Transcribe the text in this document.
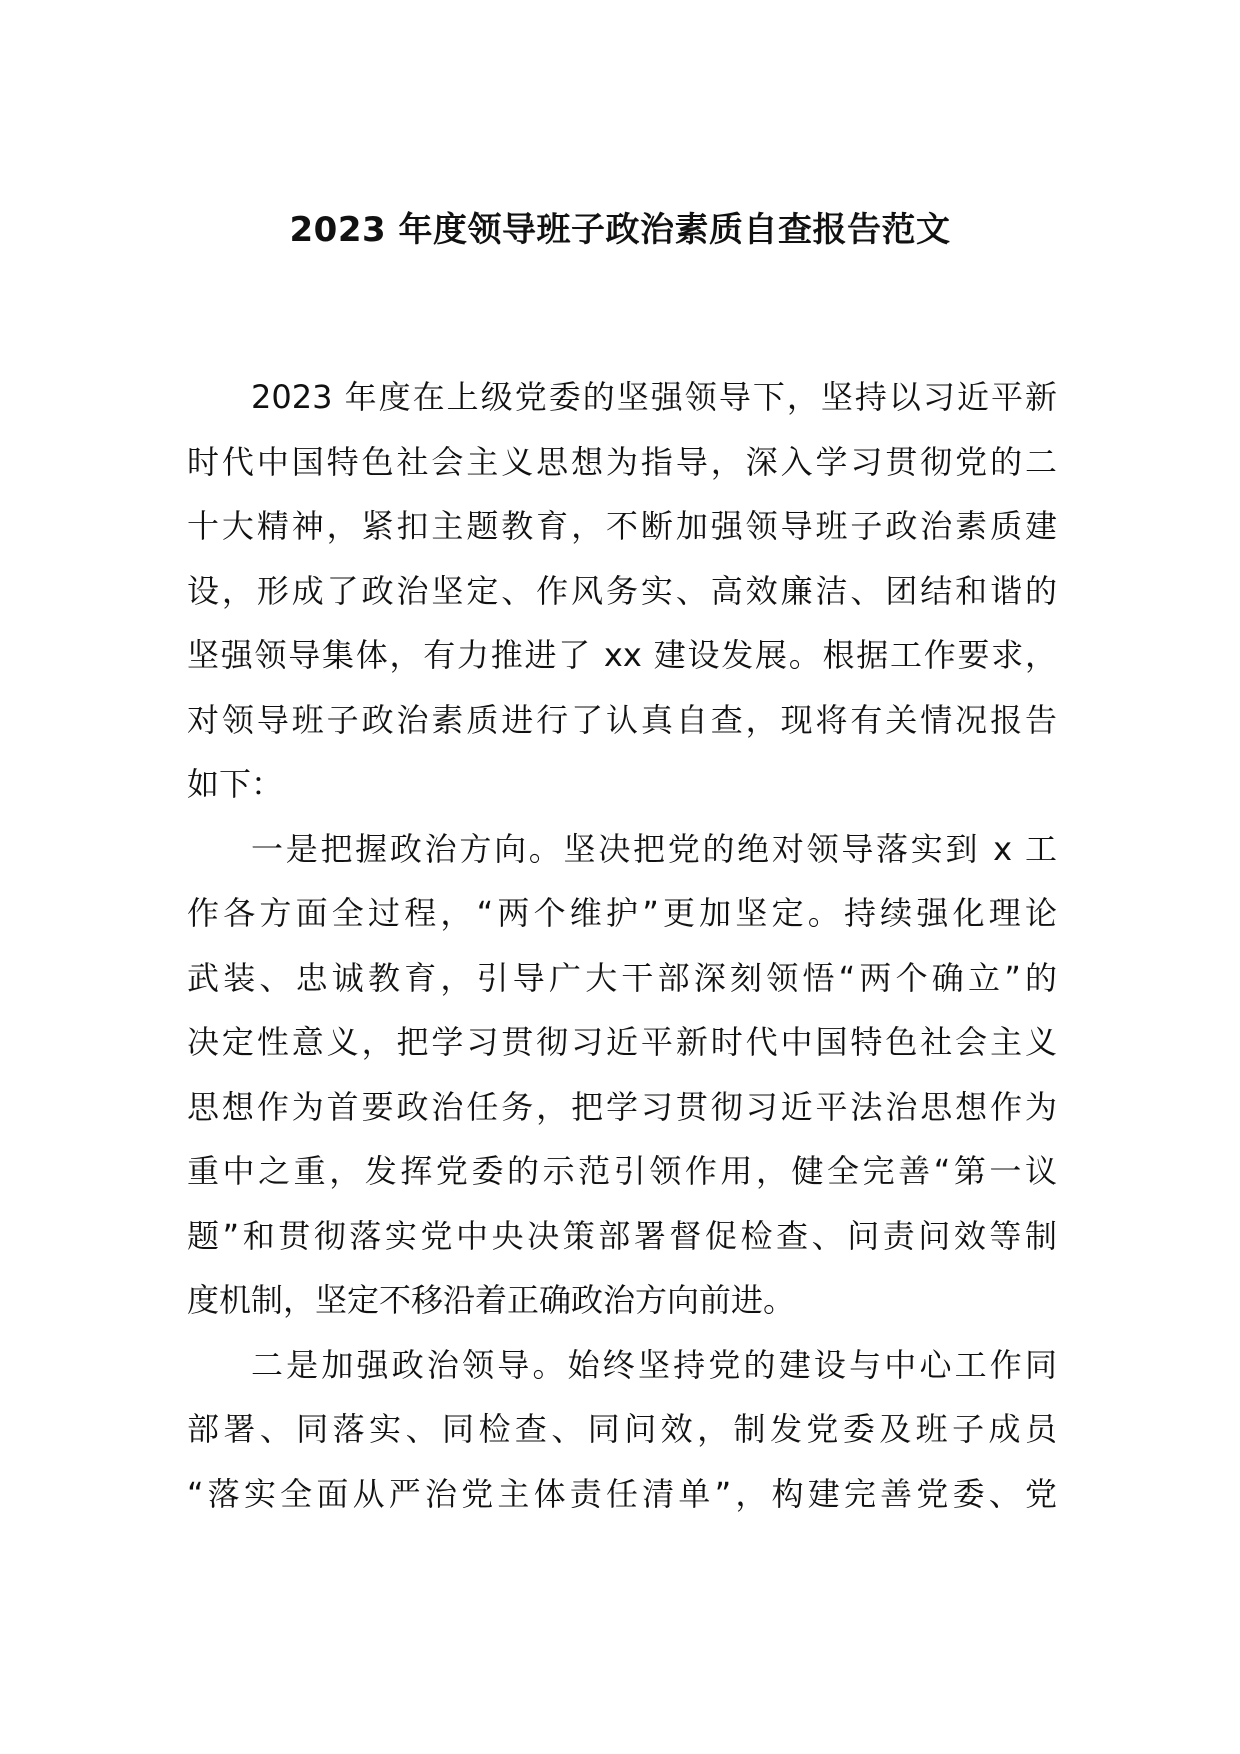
2023 年度领导班子政治素质自查报告范文
2023 年度在上级党委的坚强领导下，坚持以习近平新
时代中国特色社会主义思想为指导，深入学习贯彻党的二
十大精神，紧扣主题教育，不断加强领导班子政治素质建
设，形成了政治坚定、作风务实、高效廉洁、团结和谐的
坚强领导集体，有力推进了 xx 建设发展。根据工作要求，
对领导班子政治素质进行了认真自查，现将有关情况报告
如下：
一是把握政治方向。坚决把党的绝对领导落实到 x 工
作各方面全过程，“两个维护”更加坚定。持续强化理论
武装、忠诚教育，引导广大干部深刻领悟“两个确立”的
决定性意义，把学习贯彻习近平新时代中国特色社会主义
思想作为首要政治任务，把学习贯彻习近平法治思想作为
重中之重，发挥党委的示范引领作用，健全完善“第一议
题”和贯彻落实党中央决策部署督促检查、问责问效等制
度机制，坚定不移沿着正确政治方向前进。
二是加强政治领导。始终坚持党的建设与中心工作同
部署、同落实、同检查、同问效，制发党委及班子成员
“落实全面从严治党主体责任清单”，构建完善党委、党
